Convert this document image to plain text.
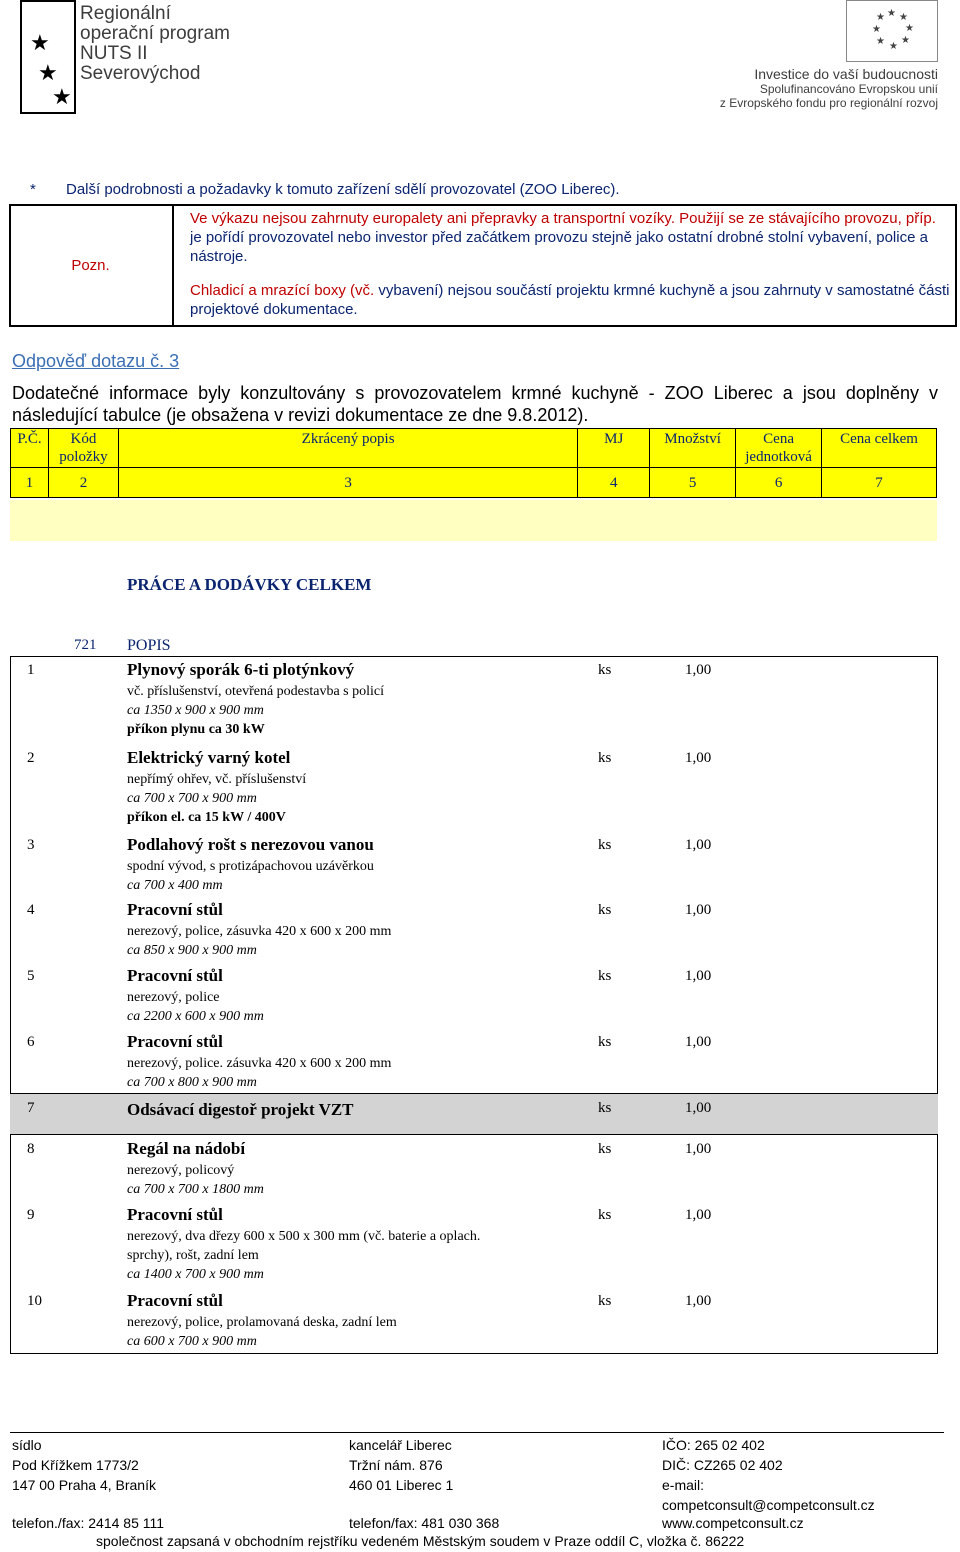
★
★
★
Regionální
operační program
NUTS II Severovýchod
★ ★
★
★
★
★
★
★
Investice do vaší budoucnosti
Spolufinancováno Evropskou unií
z Evropského fondu pro regionální rozvoj
* Další podrobnosti a požadavky k tomuto zařízení sdělí provozovatel (ZOO Liberec).
Pozn.
Ve výkazu nejsou zahrnuty europalety ani přepravky a transportní vozíky. Použijí se ze stávajícího provozu, příp. je pořídí provozovatel nebo investor před začátkem provozu stejně jako ostatní drobné stolní vybavení, police a nástroje.
Chladicí a mrazící boxy (vč. vybavení) nejsou součástí projektu krmné kuchyně a jsou zahrnuty v samostatné části projektové dokumentace.
Odpověď dotazu č. 3
Dodatečné informace byly konzultovány s provozovatelem krmné kuchyně - ZOO Liberec a jsou doplněny v následující tabulce (je obsažena v revizi dokumentace ze dne 9.8.2012).
P.Č.	Kód položky	Zkrácený popis	MJ	Množství	Cena jednotková	Cena celkem
1	2	3	4	5	6	7
PRÁCE A DODÁVKY CELKEM
721 POPIS
1	Plynový sporák 6-ti plotýnkový
vč. příslušenství, otevřená podestavba s policí
ca 1350 x 900 x 900 mm
příkon plynu ca 30 kW
ks	1,00
2	Elektrický varný kotel
nepřímý ohřev, vč. příslušenství
ca 700 x 700 x 900 mm
příkon el. ca 15 kW / 400V
ks	1,00
3	Podlahový rošt s nerezovou vanou
spodní vývod, s protizápachovou uzávěrkou
ca 700 x 400 mm
ks	1,00
4	Pracovní stůl
nerezový, police, zásuvka 420 x 600 x 200 mm
ca 850 x 900 x 900 mm
ks	1,00
5	Pracovní stůl
nerezový, police
ca 2200 x 600 x 900 mm
ks	1,00
6	Pracovní stůl
nerezový, police. zásuvka 420 x 600 x 200 mm
ca 700 x 800 x 900 mm
ks	1,00
7	Odsávací digestoř projekt VZT	ks	1,00
8	Regál na nádobí
nerezový, policový
ca 700 x 700 x 1800 mm
ks	1,00
9	Pracovní stůl
nerezový, dva dřezy 600 x 500 x 300 mm (vč. baterie a oplach.
sprchy), rošt, zadní lem
ca 1400 x 700 x 900 mm
ks	1,00
10	Pracovní stůl
nerezový, police, prolamovaná deska, zadní lem
ca 600 x 700 x 900 mm
ks	1,00
sídlo
Pod Křížkem 1773/2
147 00 Praha 4, Braník
telefon./fax: 2414 85 111
kancelář Liberec
Tržní nám. 876
460 01 Liberec 1
telefon/fax: 481 030 368
IČO: 265 02 402
DIČ: CZ265 02 402
e-mail:
competconsult@competconsult.cz
www.competconsult.cz
společnost zapsaná v obchodním rejstříku vedeném Městským soudem v Praze oddíl C, vložka č. 86222
